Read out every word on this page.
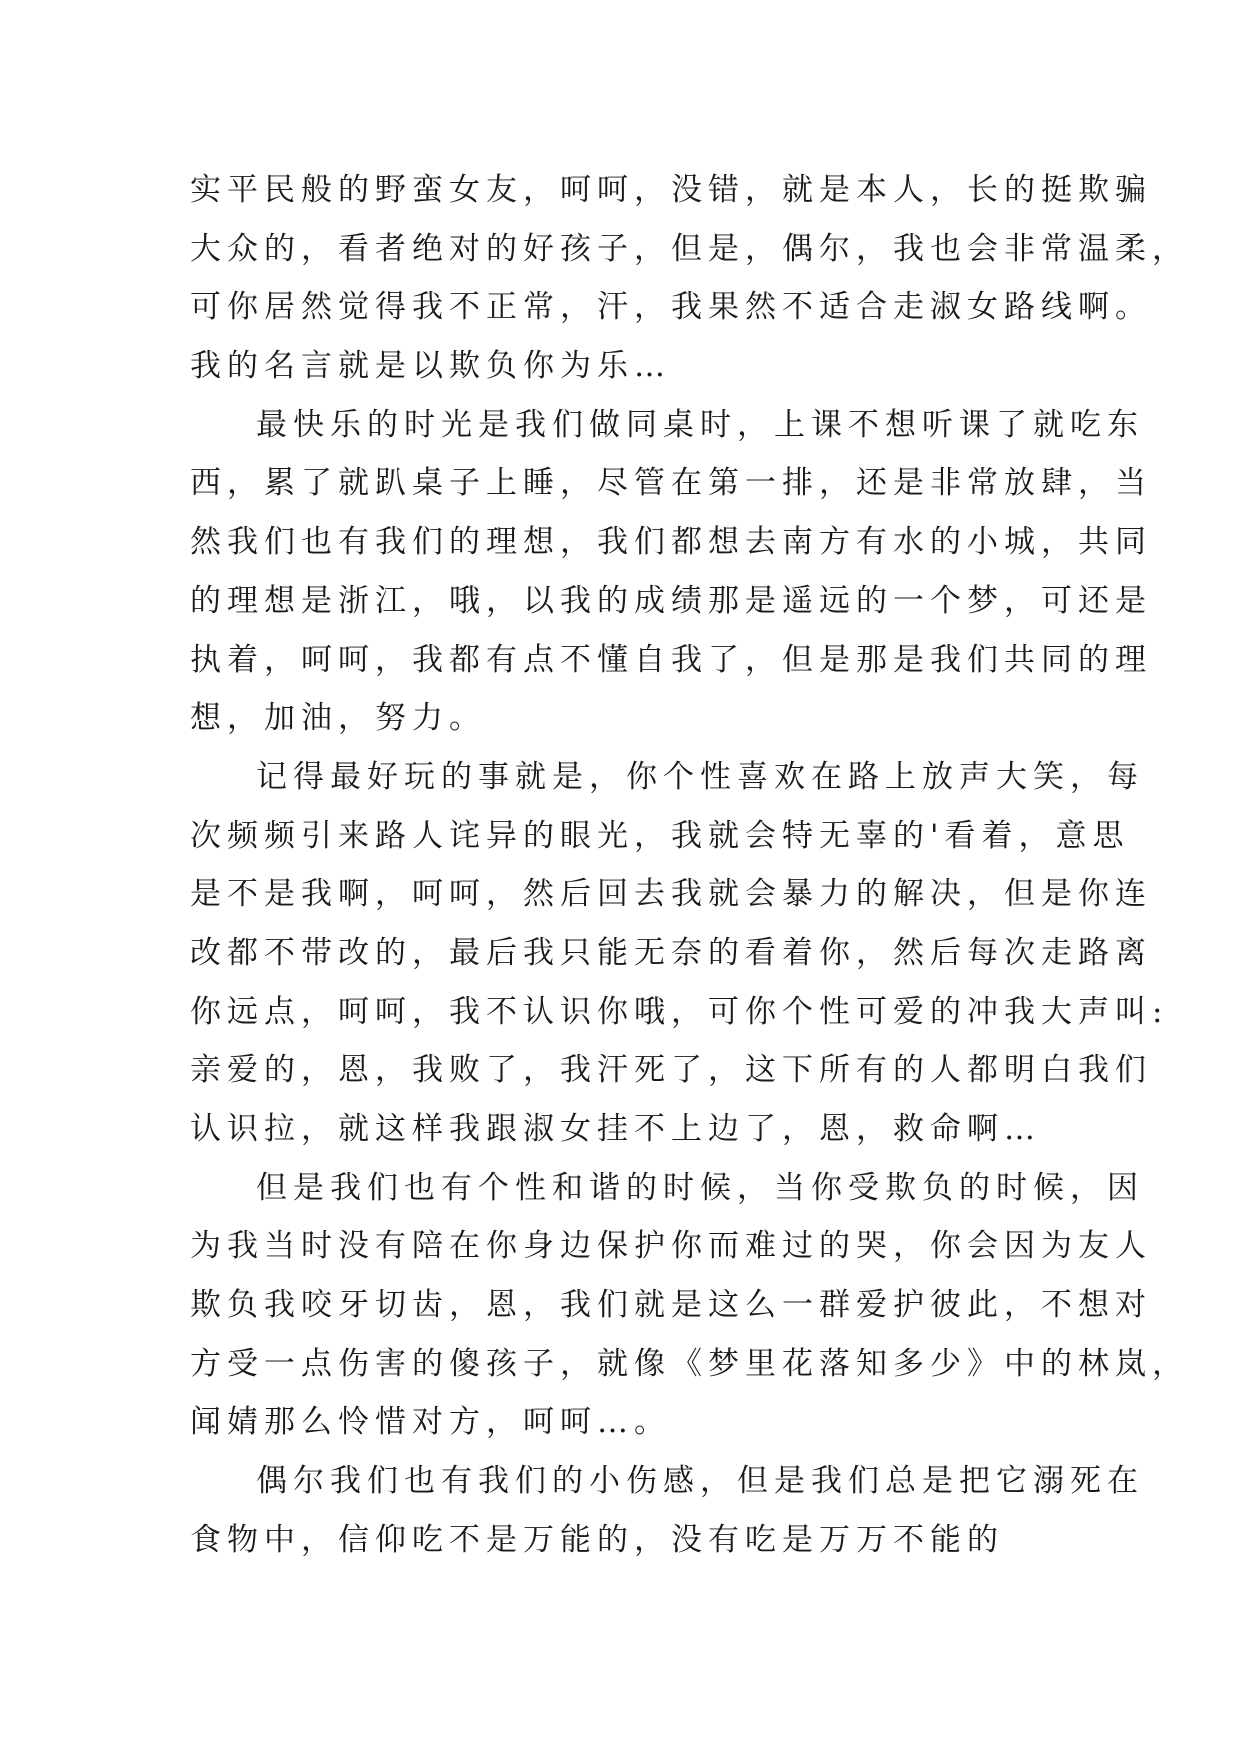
实平民般的野蛮女友，呵呵，没错，就是本人，长的挺欺骗
大众的，看者绝对的好孩子，但是，偶尔，我也会非常温柔，
可你居然觉得我不正常，汗，我果然不适合走淑女路线啊。
我的名言就是以欺负你为乐…
最快乐的时光是我们做同桌时，上课不想听课了就吃东
西，累了就趴桌子上睡，尽管在第一排，还是非常放肆，当
然我们也有我们的理想，我们都想去南方有水的小城，共同
的理想是浙江，哦，以我的成绩那是遥远的一个梦，可还是
执着，呵呵，我都有点不懂自我了，但是那是我们共同的理
想，加油，努力。
记得最好玩的事就是，你个性喜欢在路上放声大笑，每
次频频引来路人诧异的眼光，我就会特无辜的'看着，意思
是不是我啊，呵呵，然后回去我就会暴力的解决，但是你连
改都不带改的，最后我只能无奈的看着你，然后每次走路离
你远点，呵呵，我不认识你哦，可你个性可爱的冲我大声叫:
亲爱的，恩，我败了，我汗死了，这下所有的人都明白我们
认识拉，就这样我跟淑女挂不上边了，恩，救命啊…
但是我们也有个性和谐的时候，当你受欺负的时候，因
为我当时没有陪在你身边保护你而难过的哭，你会因为友人
欺负我咬牙切齿，恩，我们就是这么一群爱护彼此，不想对
方受一点伤害的傻孩子，就像《梦里花落知多少》中的林岚，
闻婧那么怜惜对方，呵呵…。
偶尔我们也有我们的小伤感，但是我们总是把它溺死在
食物中，信仰吃不是万能的，没有吃是万万不能的
